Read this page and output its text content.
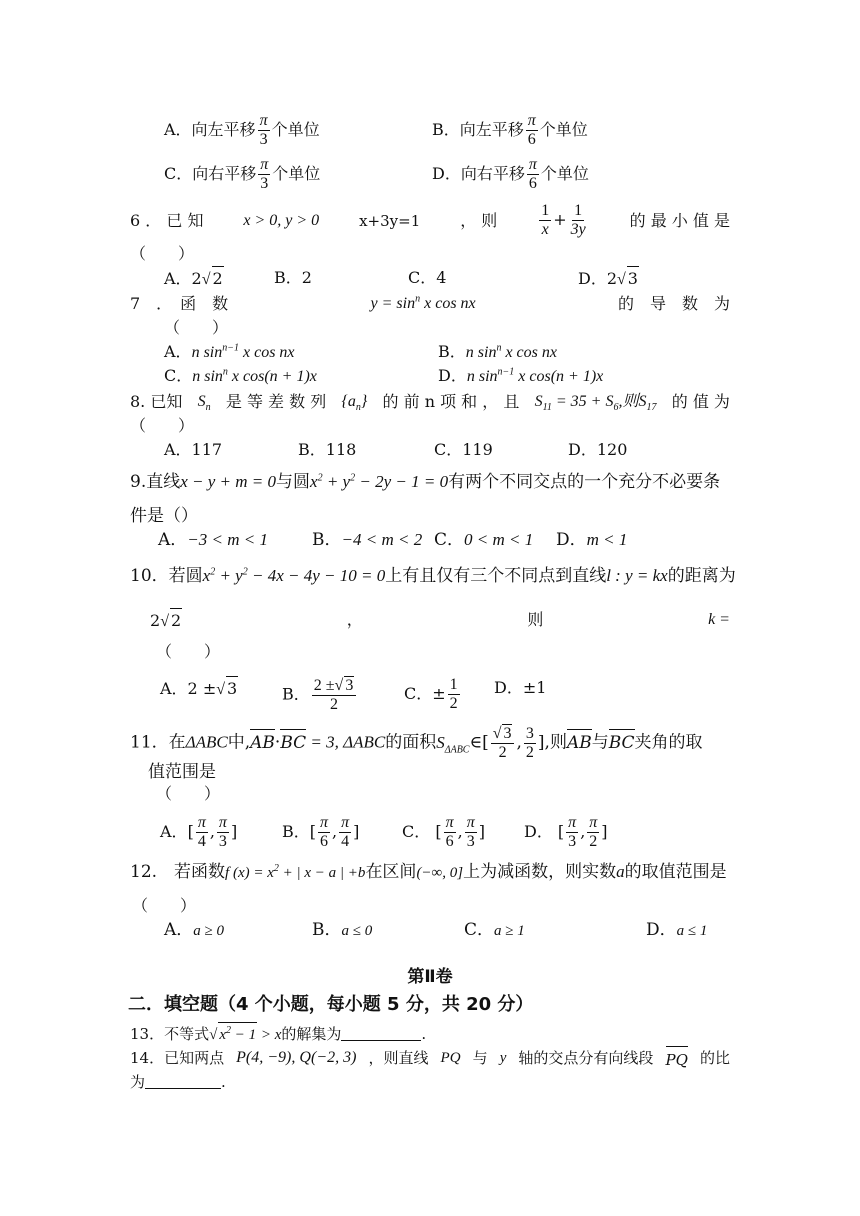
A．向左平移 $\frac{\pi}{3}$ 个单位	B．向左平移 $\frac{\pi}{6}$ 个单位
C．向右平移 $\frac{\pi}{3}$ 个单位	D．向右平移 $\frac{\pi}{6}$ 个单位
6 ． 已 知 x > 0, y > 0	x+3y=1 ， 则	$\frac{1}{x} + \frac{1}{3y}$	的 最 小 值 是
（　　）
A．2√ 2	B．2	C．4	D．2√ 3
7　．　函　数	$y = \sin^n x$ cos nx	的　导　数　为
（　　）
A．n $\sin^{n-1} x$ cos nx	B．n $\sin^n x$ cos nx
C．n $\sin^n x$ cos(n + 1)x	D．n $\sin^{n-1} x$ cos(n + 1)x
8. 已知 $S_n$ 是 等 差 数 列 $\{a_n\}$ 的 前 n 项 和 ， 且 $S_{11} = 35 + S_6$,则$S_{17}$ 的 值 为
（　　）
A．117	B．118	C．119	D．120
9.直线x − y + m = 0与圆$x^2 + y^2 - 2y - 1 = 0$有两个不同交点的一个充分不必要条
件是（）
A．−3 < m < 1	B．−4 < m < 2 C．0 < m < 1 D．m < 1
10．若圆$x^2 + y^2 - 4x - 4y - 10 = 0$上有且仅有三个不同点到直线l : y = kx的距离为
2√ 2	，	则	k =
（　　）
A．2 ±√ 3	B． $\frac{2 \pm√ 3}{2}$	C．± $\frac{1}{2}$ D．±1
11．在ΔABC中,AB·BC = 3, ΔABC的面积$S_{\Delta ABC}\in[ \frac{√ 3}{2}$ , $\frac{3}{2}$ ],则AB与BC夹角的取
值范围是
（　　）
A．[ $\frac{\pi}{4}$ , $\frac{\pi}{3}$ ]	B．[ $\frac{\pi}{6}$ , $\frac{\pi}{4}$ ]	C． [ $\frac{\pi}{6}$ , $\frac{\pi}{3}$ ] D． [ $\frac{\pi}{3}$ , $\frac{\pi}{2}$ ]
12.　若函数f $(x) = x^2$ + | x − a | +b在区间(−∞, 0]上为减函数，则实数a的取值范围是
（　　）
A．a ≥ 0	B．a ≤ 0	C．a ≥ 1	D．a ≤ 1
第Ⅱ卷
二．填空题（4 个小题，每小题 5 分，共 20 分）
13．不等式√ $x^2 - 1 > x$的解集为	.
14．已知两点 P(4, −9), Q(−2, 3) ，则直线 PQ 与 y 轴的交点分有向线段 PQ 的比
为	.
